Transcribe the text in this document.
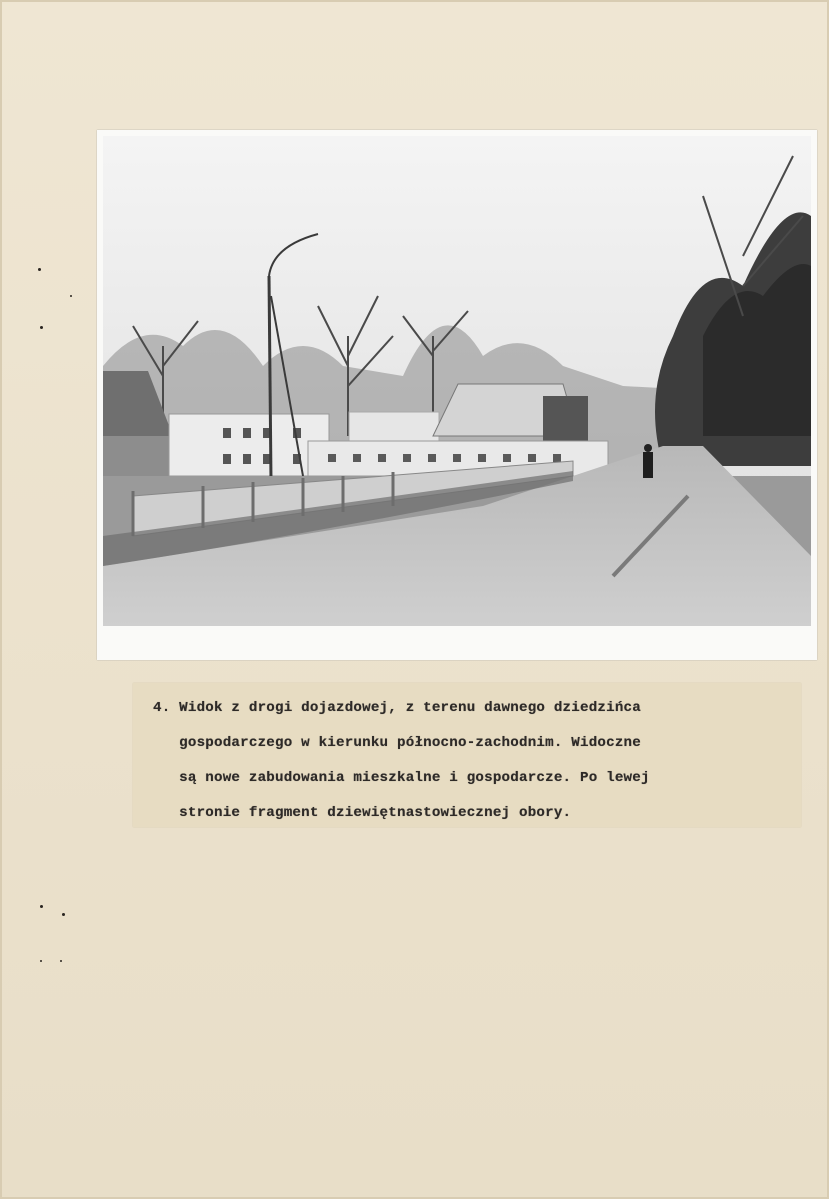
4. Widok z drogi dojazdowej, z terenu dawnego dziedzińca
gospodarczego w kierunku północno-zachodnim. Widoczne
są nowe zabudowania mieszkalne i gospodarcze. Po lewej
stronie fragment dziewiętnastowiecznej obory.
